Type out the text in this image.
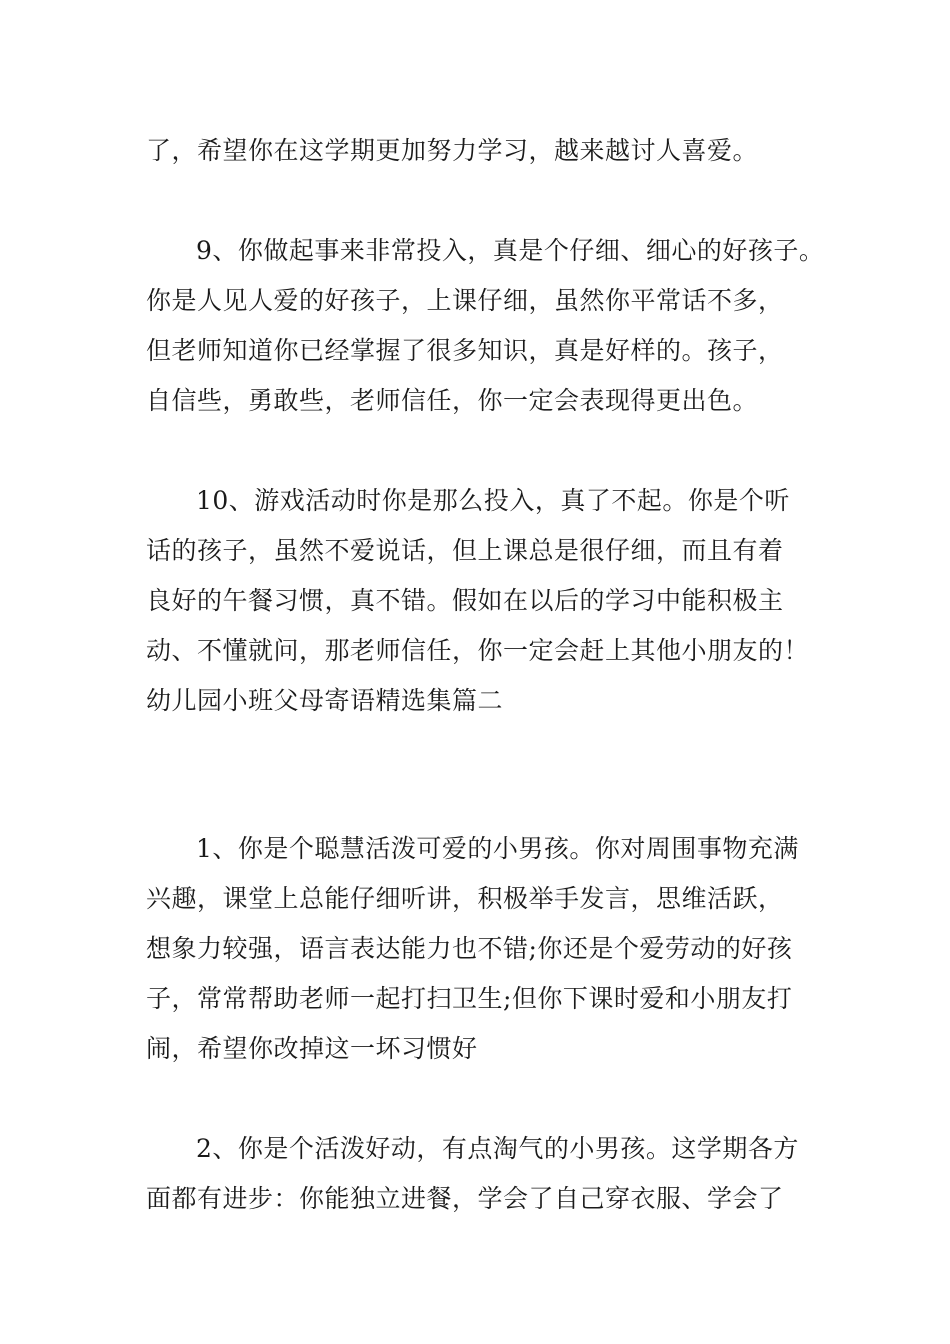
了，希望你在这学期更加努力学习，越来越讨人喜爱。
9、你做起事来非常投入，真是个仔细、细心的好孩子。
你是人见人爱的好孩子，上课仔细，虽然你平常话不多，
但老师知道你已经掌握了很多知识，真是好样的。孩子，
自信些，勇敢些，老师信任，你一定会表现得更出色。
10、游戏活动时你是那么投入，真了不起。你是个听
话的孩子，虽然不爱说话，但上课总是很仔细，而且有着
良好的午餐习惯，真不错。假如在以后的学习中能积极主
动、不懂就问，那老师信任，你一定会赶上其他小朋友的！
幼儿园小班父母寄语精选集篇二
1、你是个聪慧活泼可爱的小男孩。你对周围事物充满
兴趣，课堂上总能仔细听讲，积极举手发言，思维活跃，
想象力较强，语言表达能力也不错;你还是个爱劳动的好孩
子，常常帮助老师一起打扫卫生;但你下课时爱和小朋友打
闹，希望你改掉这一坏习惯好
2、你是个活泼好动，有点淘气的小男孩。这学期各方
面都有进步：你能独立进餐，学会了自己穿衣服、学会了
